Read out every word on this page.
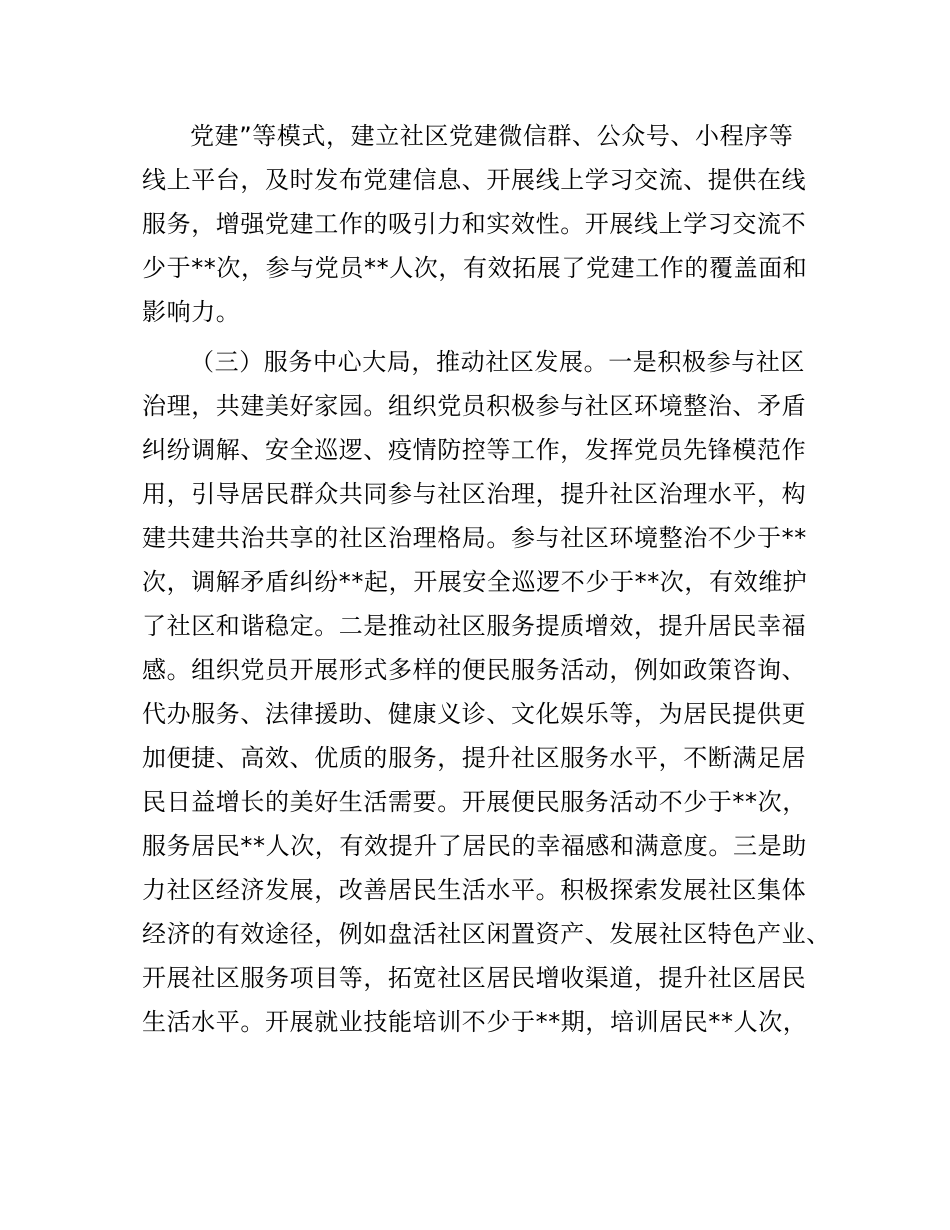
党建”等模式，建立社区党建微信群、公众号、小程序等

线上平台，及时发布党建信息、开展线上学习交流、提供在线

服务，增强党建工作的吸引力和实效性。开展线上学习交流不

少于**次，参与党员**人次，有效拓展了党建工作的覆盖面和

影响力。

（三）服务中心大局，推动社区发展。一是积极参与社区

治理，共建美好家园。组织党员积极参与社区环境整治、矛盾

纠纷调解、安全巡逻、疫情防控等工作，发挥党员先锋模范作

用，引导居民群众共同参与社区治理，提升社区治理水平，构

建共建共治共享的社区治理格局。参与社区环境整治不少于**

次，调解矛盾纠纷**起，开展安全巡逻不少于**次，有效维护

了社区和谐稳定。二是推动社区服务提质增效，提升居民幸福

感。组织党员开展形式多样的便民服务活动，例如政策咨询、

代办服务、法律援助、健康义诊、文化娱乐等，为居民提供更

加便捷、高效、优质的服务，提升社区服务水平，不断满足居

民日益增长的美好生活需要。开展便民服务活动不少于**次，

服务居民**人次，有效提升了居民的幸福感和满意度。三是助

力社区经济发展，改善居民生活水平。积极探索发展社区集体

经济的有效途径，例如盘活社区闲置资产、发展社区特色产业、

开展社区服务项目等，拓宽社区居民增收渠道，提升社区居民

生活水平。开展就业技能培训不少于**期，培训居民**人次，
